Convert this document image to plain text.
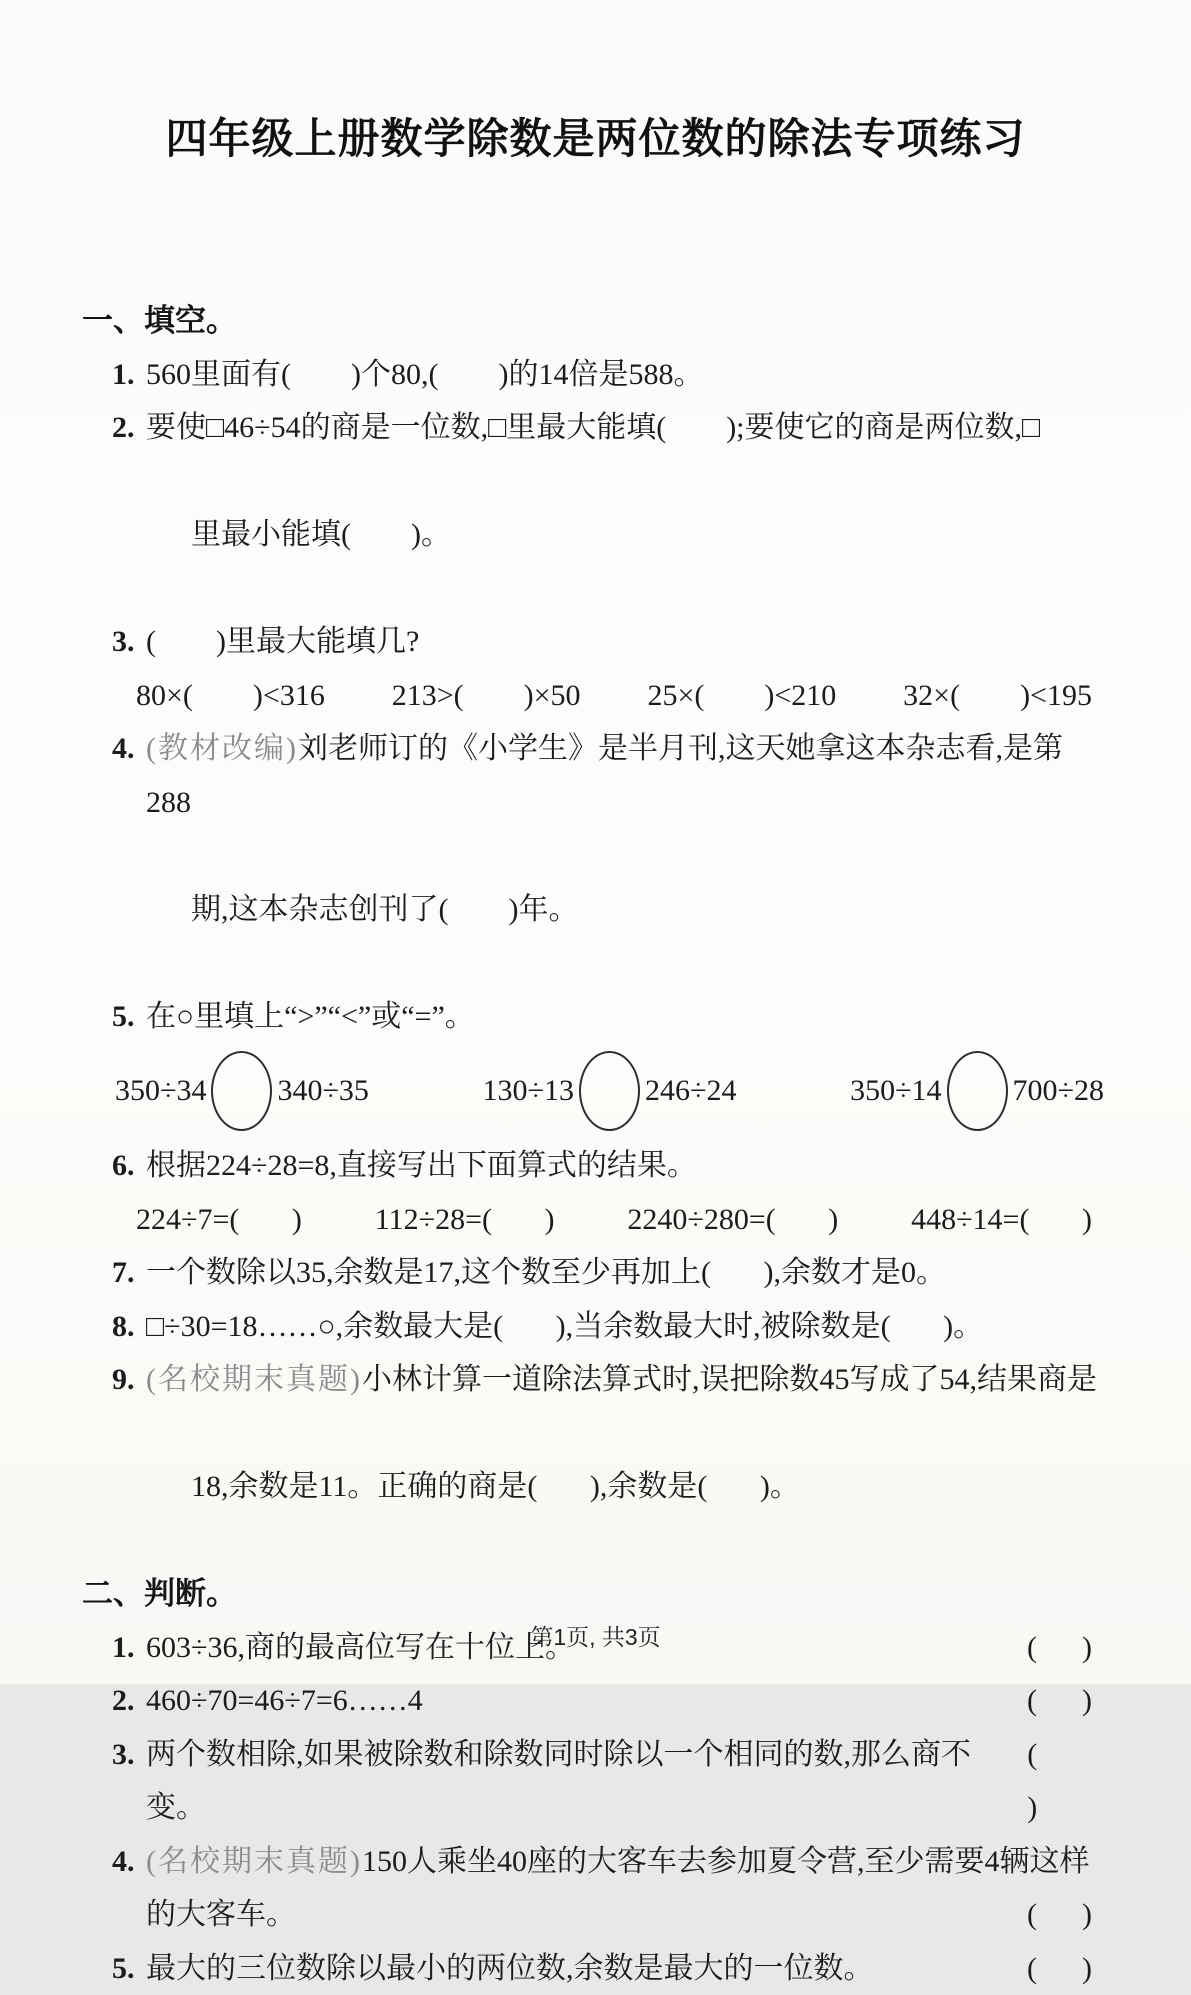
四年级上册数学除数是两位数的除法专项练习
一、填空。
1. 560里面有(        )个80,(        )的14倍是588。
2. 要使□46÷54的商是一位数,□里最大能填(        );要使它的商是两位数,□

里最小能填(        )。

3. (        )里最大能填几?
80×(        )<316 213>(        )×50 25×(        )<210 32×(        )<195
4. (教材改编)刘老师订的《小学生》是半月刊,这天她拿这本杂志看,是第288

期,这本杂志创刊了(        )年。

5. 在○里填上“>”“<”或“=”。
350÷34 340÷35	130÷13 246÷24	350÷14 700÷28
6. 根据224÷28=8,直接写出下面算式的结果。
224÷7=(       ) 112÷28=(       ) 2240÷280=(       ) 448÷14=(       )
7. 一个数除以35,余数是17,这个数至少再加上(       ),余数才是0。
8. □÷30=18……○,余数最大是(       ),当余数最大时,被除数是(       )。
9. (名校期末真题)小林计算一道除法算式时,误把除数45写成了54,结果商是

18,余数是11。正确的商是(       ),余数是(       )。

二、判断。
1. 603÷36,商的最高位写在十位上。	(      )
2. 460÷70=46÷7=6……4	(      )
3. 两个数相除,如果被除数和除数同时除以一个相同的数,那么商不变。
(      )
4. (名校期末真题)150人乘坐40座的大客车去参加夏令营,至少需要4辆这样
的大客车。	(      )
5. 最大的三位数除以最小的两位数,余数是最大的一位数。	(      )
第1页, 共3页
